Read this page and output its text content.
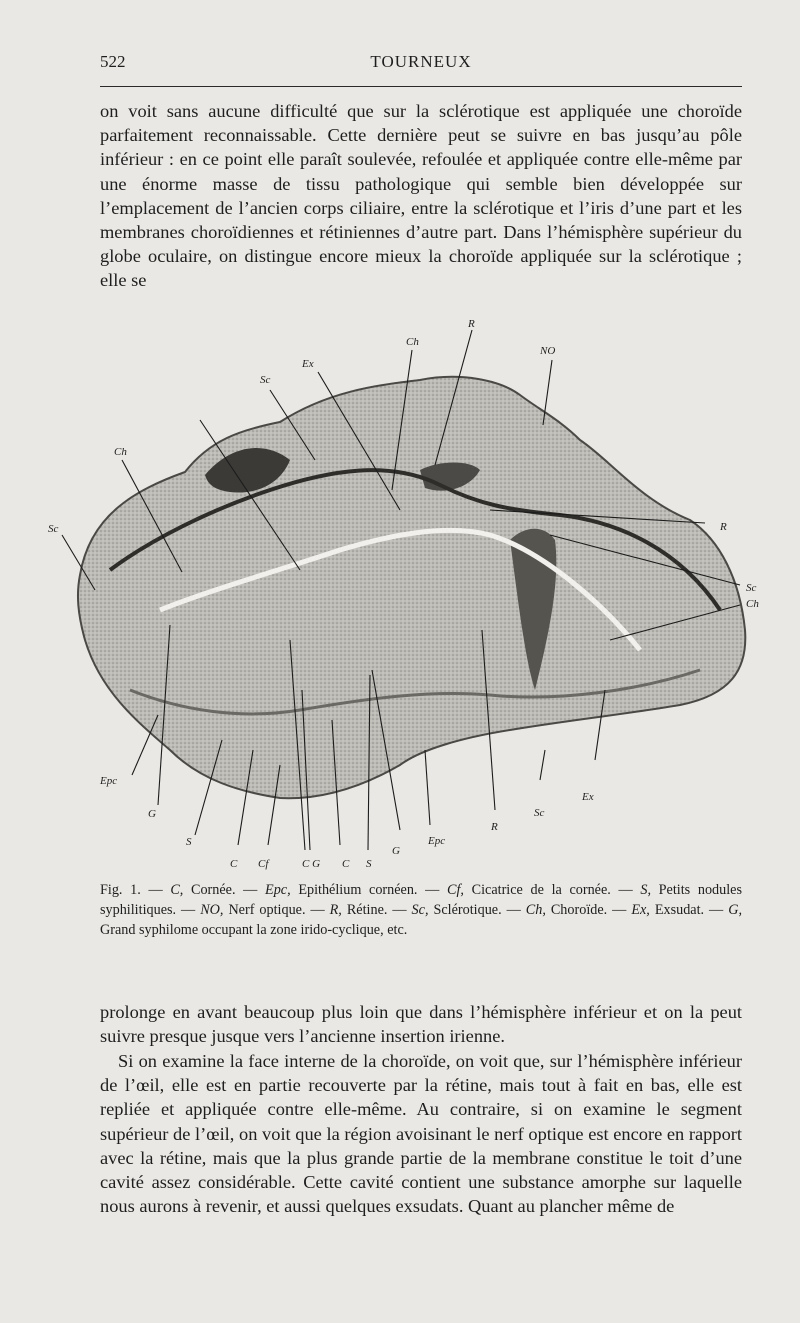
522	TOURNEUX

on voit sans aucune difficulté que sur la sclérotique est appliquée une choroïde parfaitement reconnaissable. Cette dernière peut se suivre en bas jusqu’au pôle inférieur : en ce point elle paraît soulevée, refoulée et appliquée contre elle-même par une énorme masse de tissu pathologique qui semble bien développée sur l’emplacement de l’ancien corps ciliaire, entre la sclérotique et l’iris d’une part et les membranes choroïdiennes et rétiniennes d’autre part. Dans l’hémisphère supérieur du globe oculaire, on distingue encore mieux la choroïde appliquée sur la sclérotique ; elle se

R
Ch
NO
Ex
Sc
Ch
Sc	R
Sc
Ch
Ex
Epc
G
S
C Cf	C G C S
G
Epc
R
Sc

Fig. 1. — C, Cornée. — Epc, Epithélium cornéen. — Cf, Cicatrice de la cornée. — S, Petits nodules syphilitiques. — NO, Nerf optique. — R, Rétine. — Sc, Sclérotique. — Ch, Choroïde. — Ex, Exsudat. — G, Grand syphilome occupant la zone irido-cyclique, etc.

prolonge en avant beaucoup plus loin que dans l’hémisphère inférieur et on la peut suivre presque jusque vers l’ancienne insertion irienne.

Si on examine la face interne de la choroïde, on voit que, sur l’hémisphère inférieur de l’œil, elle est en partie recouverte par la rétine, mais tout à fait en bas, elle est repliée et appliquée contre elle-même. Au contraire, si on examine le segment supérieur de l’œil, on voit que la région avoisinant le nerf optique est encore en rapport avec la rétine, mais que la plus grande partie de la membrane constitue le toit d’une cavité assez considérable. Cette cavité contient une substance amorphe sur laquelle nous aurons à revenir, et aussi quelques exsudats. Quant au plancher même de
